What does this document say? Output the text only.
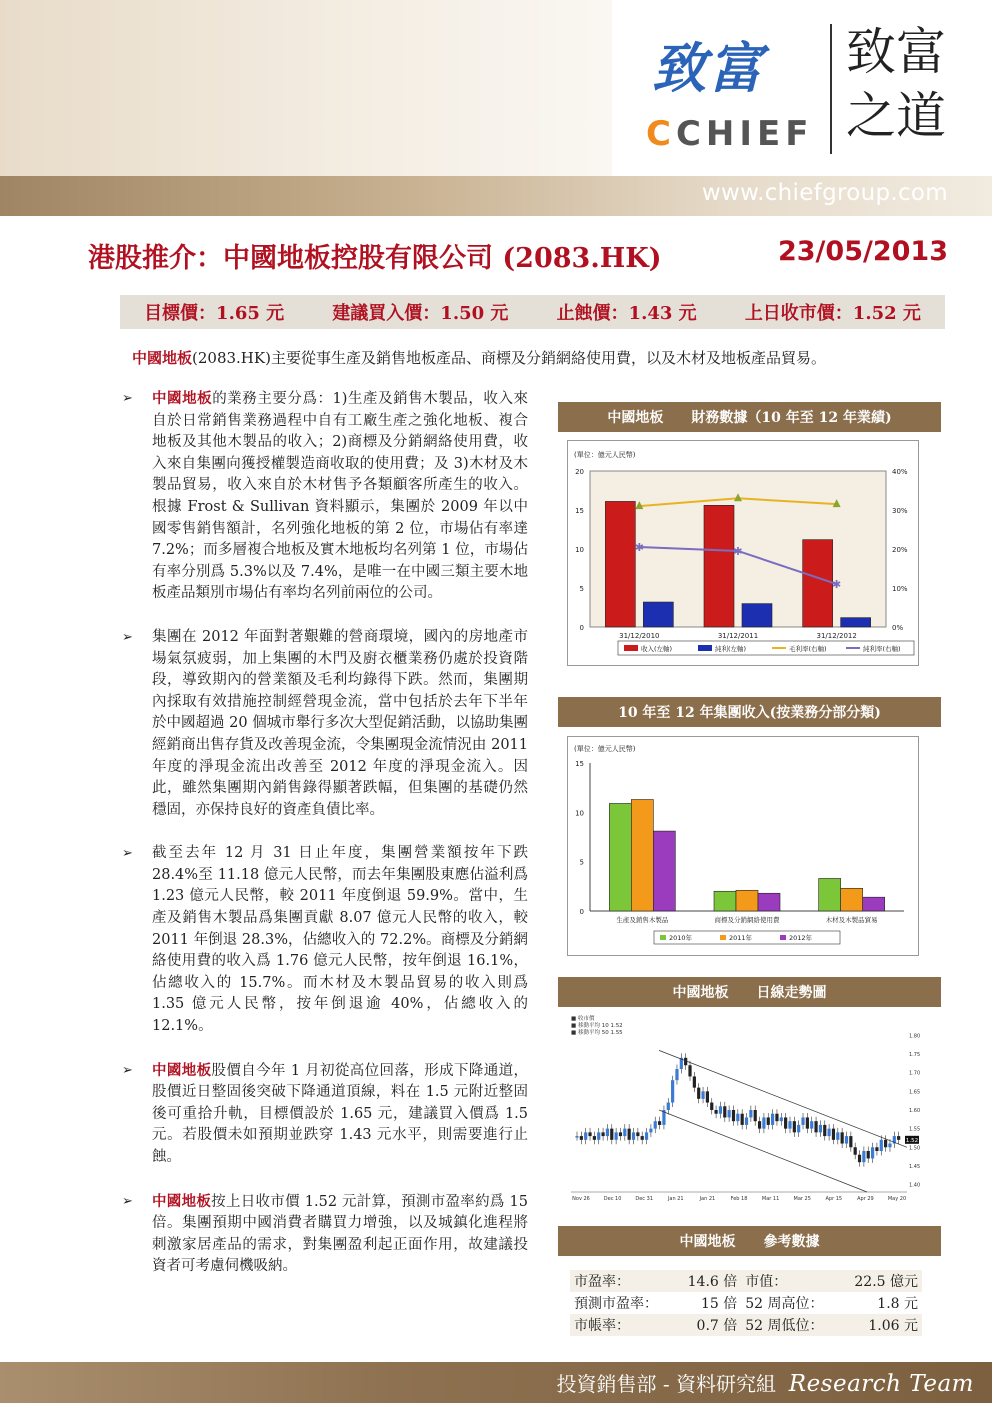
致富
CCHIEF
致富
之道
www.chiefgroup.com
港股推介：中國地板控股有限公司 (2083.HK)	23/05/2013
目標價：1.65 元	建議買入價：1.50 元	止蝕價：1.43 元	上日收市價：1.52 元
中國地板(2083.HK)主要從事生產及銷售地板產品、商標及分銷網絡使用費，以及木材及地板產品貿易。
➢ 中國地板的業務主要分爲：1)生產及銷售木製品，收入來自於日常銷售業務過程中自有工廠生產之強化地板、複合地板及其他木製品的收入；2)商標及分銷網絡使用費，收入來自集團向獲授權製造商收取的使用費；及 3)木材及木製品貿易，收入來自於木材售予各類顧客所產生的收入。根據 Frost & Sullivan 資料顯示，集團於 2009 年以中國零售銷售額計，名列強化地板的第 2 位，市場佔有率達 7.2%；而多層複合地板及實木地板均名列第 1 位，市場佔有率分別爲 5.3%以及 7.4%，是唯一在中國三類主要木地板產品類別市場佔有率均名列前兩位的公司。
➢ 集團在 2012 年面對著艱難的營商環境，國內的房地產市場氣氛疲弱，加上集團的木門及廚衣櫃業務仍處於投資階段，導致期內的營業額及毛利均錄得下跌。然而，集團期內採取有效措施控制經營現金流，當中包括於去年下半年於中國超過 20 個城市舉行多次大型促銷活動，以協助集團經銷商出售存貨及改善現金流，令集團現金流情況由 2011 年度的淨現金流出改善至 2012 年度的淨現金流入。因此，雖然集團期內銷售錄得顯著跌幅，但集團的基礎仍然穩固，亦保持良好的資產負債比率。
➢ 截至去年 12 月 31 日止年度，集團營業額按年下跌 28.4%至 11.18 億元人民幣，而去年集團股東應佔溢利爲 1.23 億元人民幣，較 2011 年度倒退 59.9%。當中，生產及銷售木製品爲集團貢獻 8.07 億元人民幣的收入，較 2011 年倒退 28.3%，佔總收入的 72.2%。商標及分銷網絡使用費的收入爲 1.76 億元人民幣，按年倒退 16.1%，佔總收入的 15.7%。而木材及木製品貿易的收入則爲 1.35 億元人民幣，按年倒退逾 40%，佔總收入的 12.1%。
➢ 中國地板股價自今年 1 月初從高位回落，形成下降通道，股價近日整固後突破下降通道頂線，料在 1.5 元附近整固後可重拾升軌，目標價設於 1.65 元，建議買入價爲 1.5 元。若股價未如預期並跌穿 1.43 元水平，則需要進行止蝕。
➢ 中國地板按上日收市價 1.52 元計算，預測市盈率約爲 15 倍。集團預期中國消費者購買力增強，以及城鎮化進程將刺激家居產品的需求，對集團盈利起正面作用，故建議投資者可考慮伺機吸納。
中國地板　　財務數據（10 年至 12 年業績)
(單位：億元人民幣)
0
5
10
15
20
0%
10%
20%
30%
40%
31/12/2010	31/12/2011	31/12/2012
✱	✱
✱
收入(左軸)	純利(左軸)	毛利率(右軸)	純利率(右軸)
10 年至 12 年集團收入(按業務分部分類)
(單位：億元人民幣)
0
5
10
15
生產及銷售木製品	商標及分銷網絡使用費	木材及木製品貿易
2010年	2011年	2012年
中國地板　　日線走勢圖
■ 收市價
■ 移動平均 10 1.52
■ 移動平均 50 1.55
1.40
1.45
1.50
1.55
1.60
1.65
1.70
1.75
1.80
Nov 26	Dec 10	Dec 31	Jan 21	Jan 21	Feb 18	Mar 11	Mar 25	Apr 15	Apr 29	May 20
1.52
中國地板　　參考數據
市盈率：	14.6 倍	市值：	22.5 億元
預測市盈率：	15 倍	52 周高位：	1.8 元
市帳率：	0.7 倍	52 周低位：	1.06 元
投資銷售部 - 資料研究組 Research Team
